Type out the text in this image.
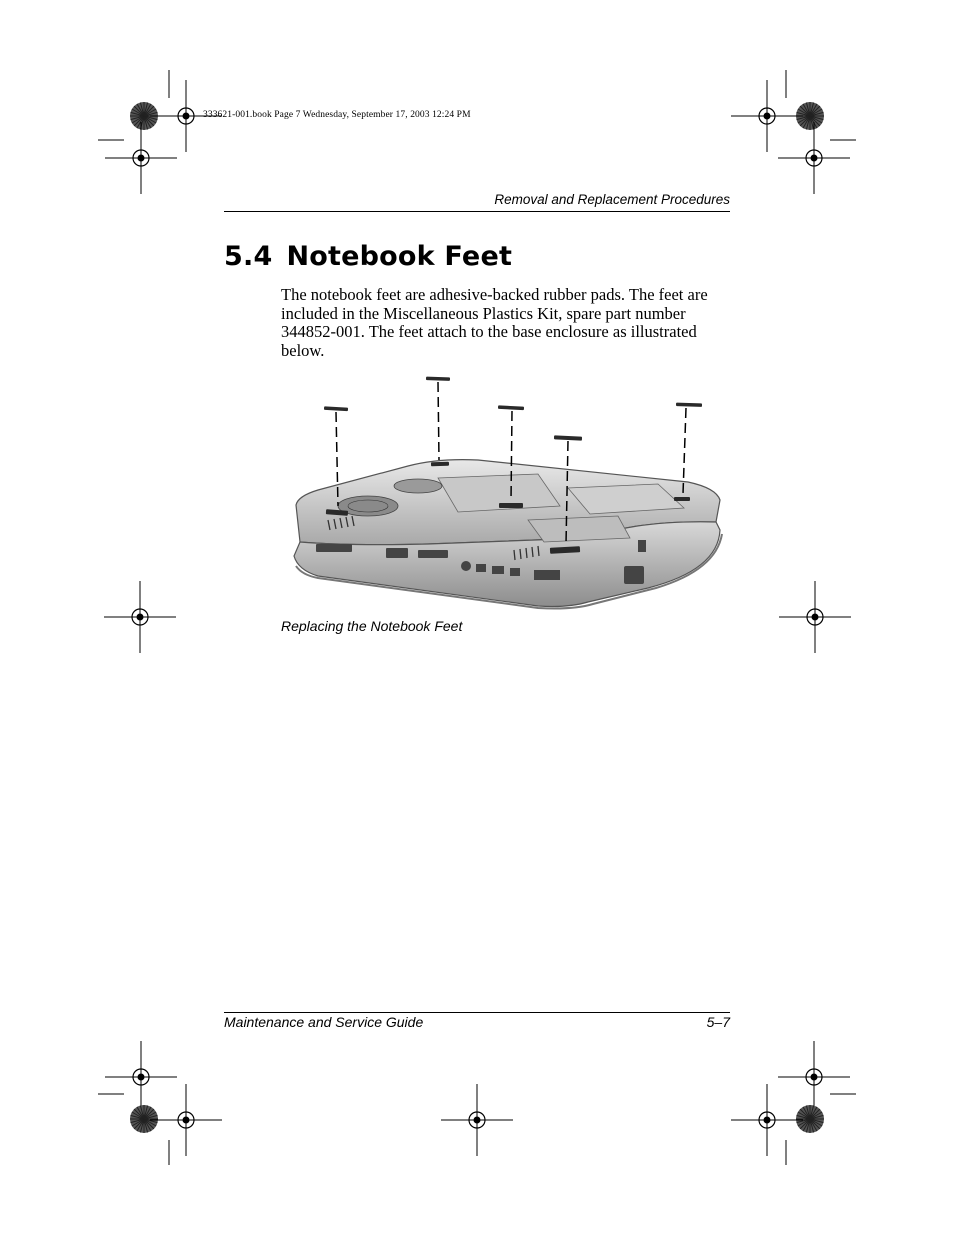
333621-001.book Page 7 Wednesday, September 17, 2003 12:24 PM
Removal and Replacement Procedures
5.4 Notebook Feet
The notebook feet are adhesive-backed rubber pads. The feet are
included in the Miscellaneous Plastics Kit, spare part number
344852-001. The feet attach to the base enclosure as illustrated
below.
Replacing the Notebook Feet
Maintenance and Service Guide	5–7
